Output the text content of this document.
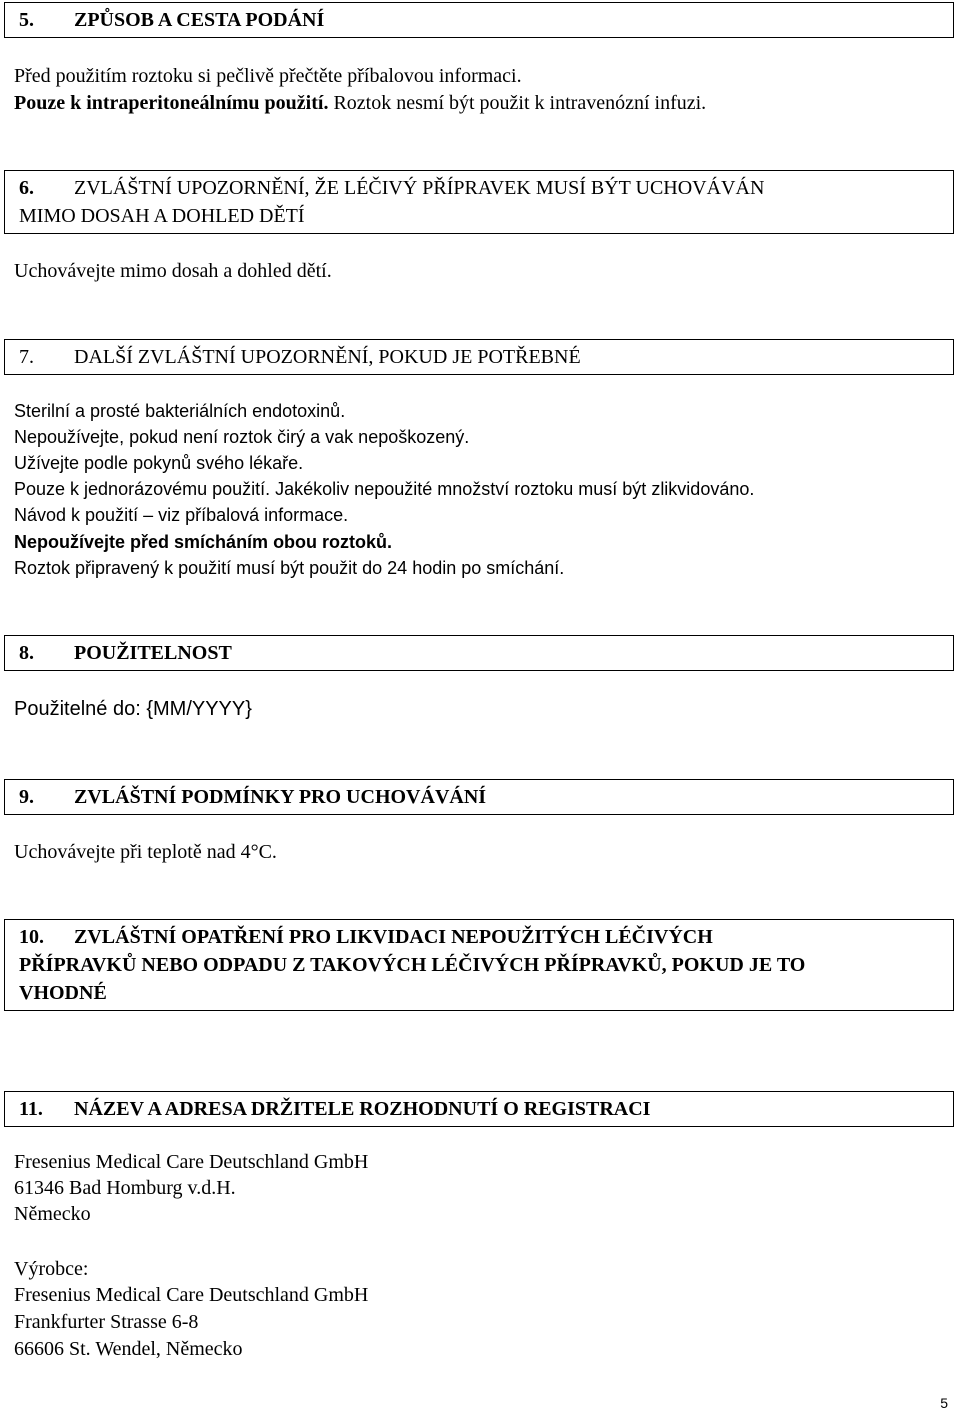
5. ZPŮSOB A CESTA PODÁNÍ

Před použitím roztoku si pečlivě přečtěte příbalovou informaci.

Pouze k intraperitoneálnímu použití. Roztok nesmí být použit k intravenózní infuzi.

6. ZVLÁŠTNÍ UPOZORNĚNÍ, ŽE LÉČIVÝ PŘÍPRAVEK MUSÍ BÝT UCHOVÁVÁN

MIMO DOSAH A DOHLED DĚTÍ

Uchovávejte mimo dosah a dohled dětí.

7. DALŠÍ ZVLÁŠTNÍ UPOZORNĚNÍ, POKUD JE POTŘEBNÉ

Sterilní a prosté bakteriálních endotoxinů.

Nepoužívejte, pokud není roztok čirý a vak nepoškozený.

Užívejte podle pokynů svého lékaře.

Pouze k jednorázovému použití. Jakékoliv nepoužité množství roztoku musí být zlikvidováno.

Návod k použití – viz příbalová informace.

Nepoužívejte před smícháním obou roztoků.

Roztok připravený k použití musí být použit do 24 hodin po smíchání.

8. POUŽITELNOST

Použitelné do: {MM/YYYY}

9. ZVLÁŠTNÍ PODMÍNKY PRO UCHOVÁVÁNÍ

Uchovávejte při teplotě nad 4°C.

10. ZVLÁŠTNÍ OPATŘENÍ PRO LIKVIDACI NEPOUŽITÝCH LÉČIVÝCH

PŘÍPRAVKŮ NEBO ODPADU Z TAKOVÝCH LÉČIVÝCH PŘÍPRAVKŮ, POKUD JE TO

VHODNÉ

11. NÁZEV A ADRESA DRŽITELE ROZHODNUTÍ O REGISTRACI

Fresenius Medical Care Deutschland GmbH

61346 Bad Homburg v.d.H.

Německo

Výrobce:

Fresenius Medical Care Deutschland GmbH

Frankfurter Strasse 6-8

66606 St. Wendel, Německo

5
